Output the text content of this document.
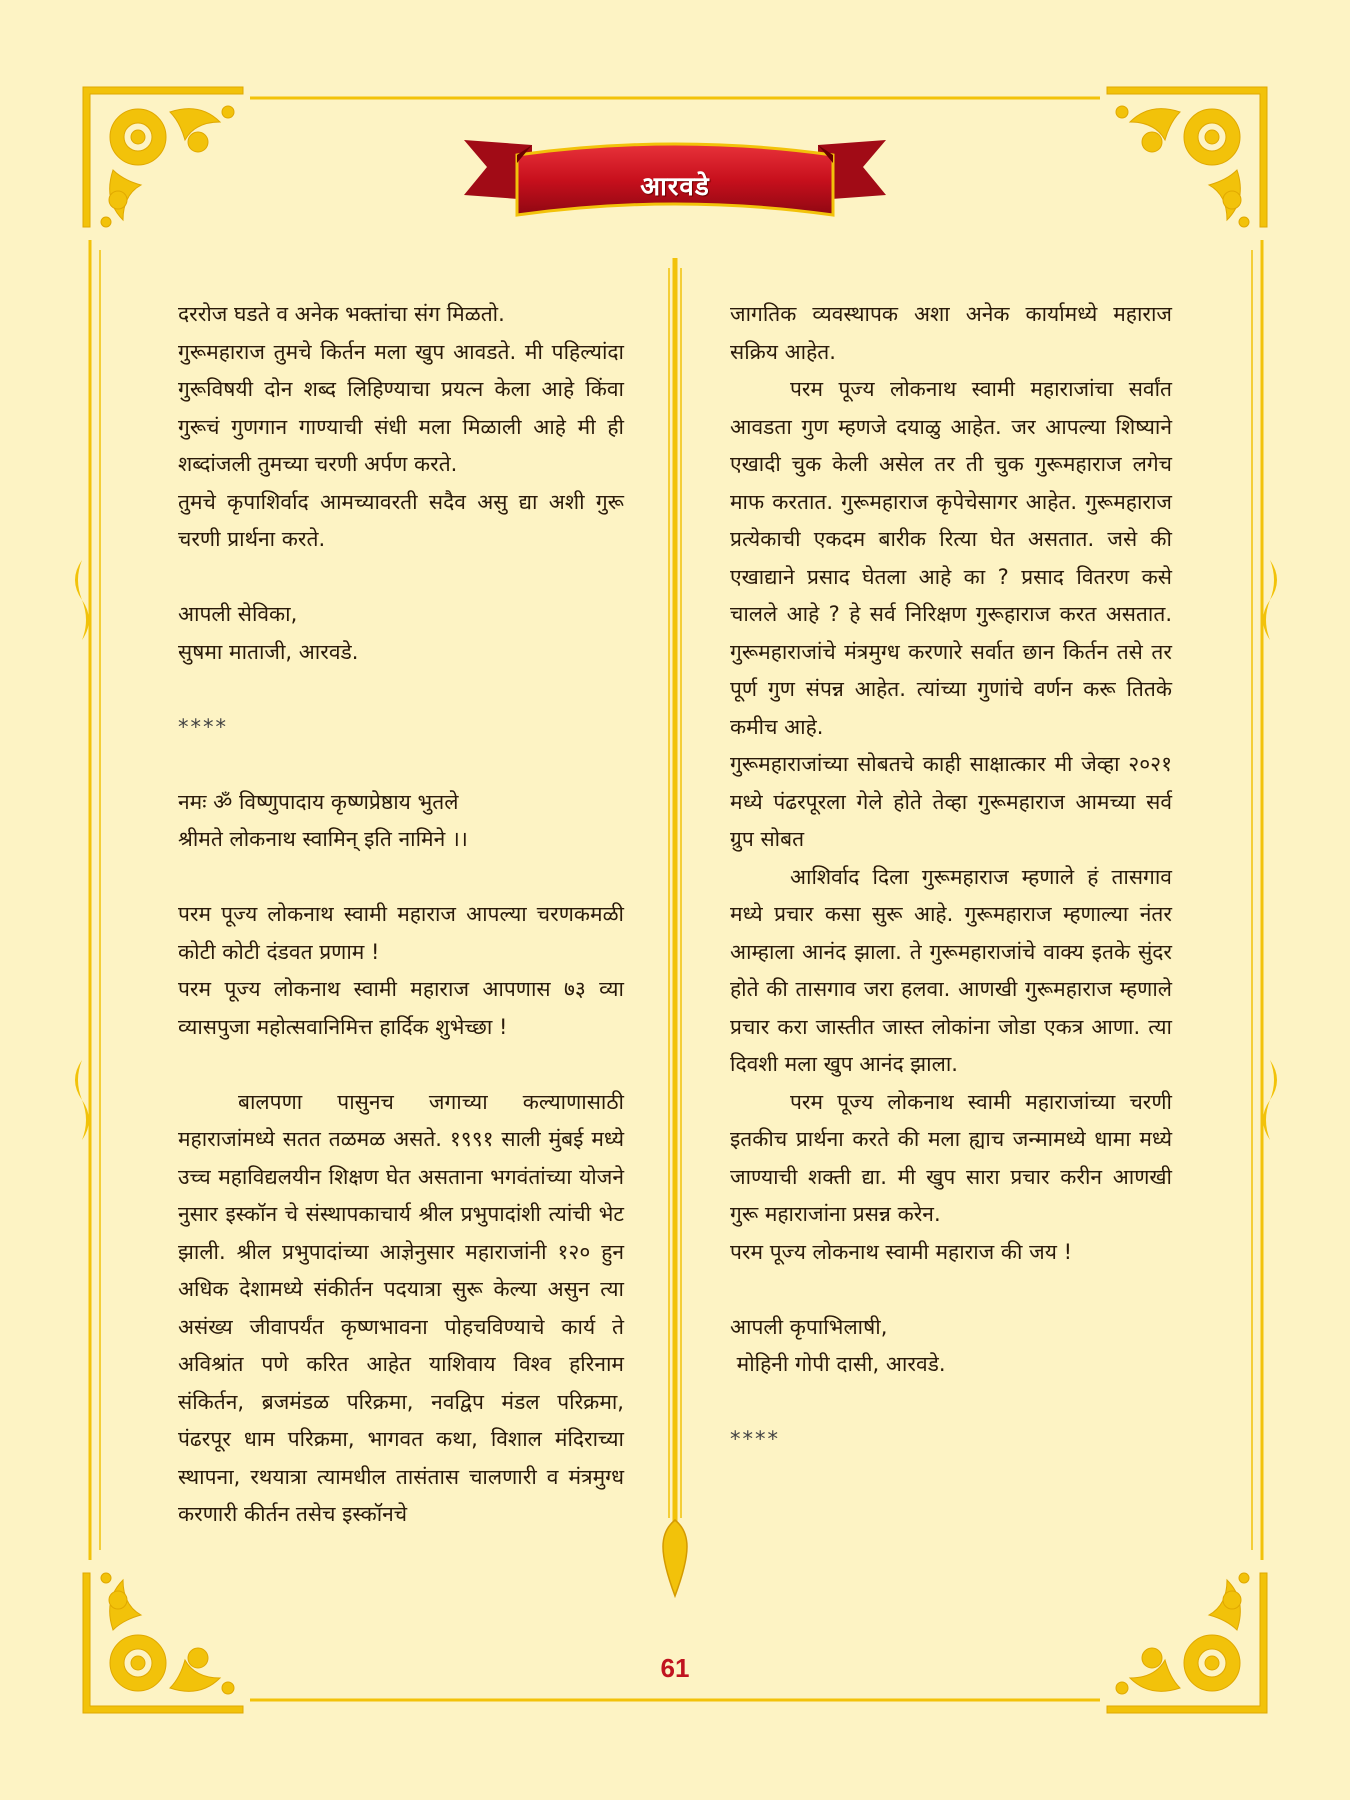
आरवडे

दररोज घडते व अनेक भक्तांचा संग मिळतो.

गुरूमहाराज तुमचे किर्तन मला खुप आवडते. मी पहिल्यांदा गुरूविषयी दोन शब्द लिहिण्याचा प्रयत्न केला आहे किंवा गुरूचं गुणगान गाण्याची संधी मला मिळाली आहे मी ही शब्दांजली तुमच्या चरणी अर्पण करते.

तुमचे कृपाशिर्वाद आमच्यावरती सदैव असु द्या अशी गुरू चरणी प्रार्थना करते.

आपली सेविका,

सुषमा माताजी, आरवडे.

****

नमः ॐ विष्णुपादाय कृष्णप्रेष्ठाय भुतले

श्रीमते लोकनाथ स्वामिन् इति नामिने ।।

परम पूज्य लोकनाथ स्वामी महाराज आपल्या चरणकमळी कोटी कोटी दंडवत प्रणाम !

परम पूज्य लोकनाथ स्वामी महाराज आपणास ७३ व्या व्यासपुजा महोत्सवानिमित्त हार्दिक शुभेच्छा !

बालपणा पासुनच जगाच्या कल्याणासाठी महाराजांमध्ये सतत तळमळ असते. १९९१ साली मुंबई मध्ये उच्च महाविद्यलयीन शिक्षण घेत असताना भगवंतांच्या योजने नुसार इस्कॉन चे संस्थापकाचार्य श्रील प्रभुपादांशी त्यांची भेट झाली. श्रील प्रभुपादांच्या आज्ञेनुसार महाराजांनी १२० हुन अधिक देशामध्ये संकीर्तन पदयात्रा सुरू केल्या असुन त्या असंख्य जीवापर्यंत कृष्णभावना पोहचविण्याचे कार्य ते अविश्रांत पणे करित आहेत याशिवाय विश्व हरिनाम संकिर्तन, ब्रजमंडळ परिक्रमा, नवद्विप मंडल परिक्रमा, पंढरपूर धाम परिक्रमा, भागवत कथा, विशाल मंदिराच्या स्थापना, रथयात्रा त्यामधील तासंतास चालणारी व मंत्रमुग्ध करणारी कीर्तन तसेच इस्कॉनचे

जागतिक व्यवस्थापक अशा अनेक कार्यामध्ये महाराज सक्रिय आहेत.

परम पूज्य लोकनाथ स्वामी महाराजांचा सर्वांत आवडता गुण म्हणजे दयाळु आहेत. जर आपल्या शिष्याने एखादी चुक केली असेल तर ती चुक गुरूमहाराज लगेच माफ करतात. गुरूमहाराज कृपेचेसागर आहेत. गुरूमहाराज प्रत्येकाची एकदम बारीक रित्या घेत असतात. जसे की एखाद्याने प्रसाद घेतला आहे का ? प्रसाद वितरण कसे चालले आहे ? हे सर्व निरिक्षण गुरूहाराज करत असतात. गुरूमहाराजांचे मंत्रमुग्ध करणारे सर्वात छान किर्तन तसे तर पूर्ण गुण संपन्न आहेत. त्यांच्या गुणांचे वर्णन करू तितके कमीच आहे.

गुरूमहाराजांच्या सोबतचे काही साक्षात्कार मी जेव्हा २०२१ मध्ये पंढरपूरला गेले होते तेव्हा गुरूमहाराज आमच्या सर्व ग्रुप सोबत

आशिर्वाद दिला गुरूमहाराज म्हणाले हं तासगाव मध्ये प्रचार कसा सुरू आहे. गुरूमहाराज म्हणाल्या नंतर आम्हाला आनंद झाला. ते गुरूमहाराजांचे वाक्य इतके सुंदर होते की तासगाव जरा हलवा. आणखी गुरूमहाराज म्हणाले प्रचार करा जास्तीत जास्त लोकांना जोडा एकत्र आणा. त्या दिवशी मला खुप आनंद झाला.

परम पूज्य लोकनाथ स्वामी महाराजांच्या चरणी इतकीच प्रार्थना करते की मला ह्याच जन्मामध्ये धामा मध्ये जाण्याची शक्ती द्या. मी खुप सारा प्रचार करीन आणखी गुरू महाराजांना प्रसन्न करेन.

परम पूज्य लोकनाथ स्वामी महाराज की जय !

आपली कृपाभिलाषी,

मोहिनी गोपी दासी, आरवडे.

****

61
